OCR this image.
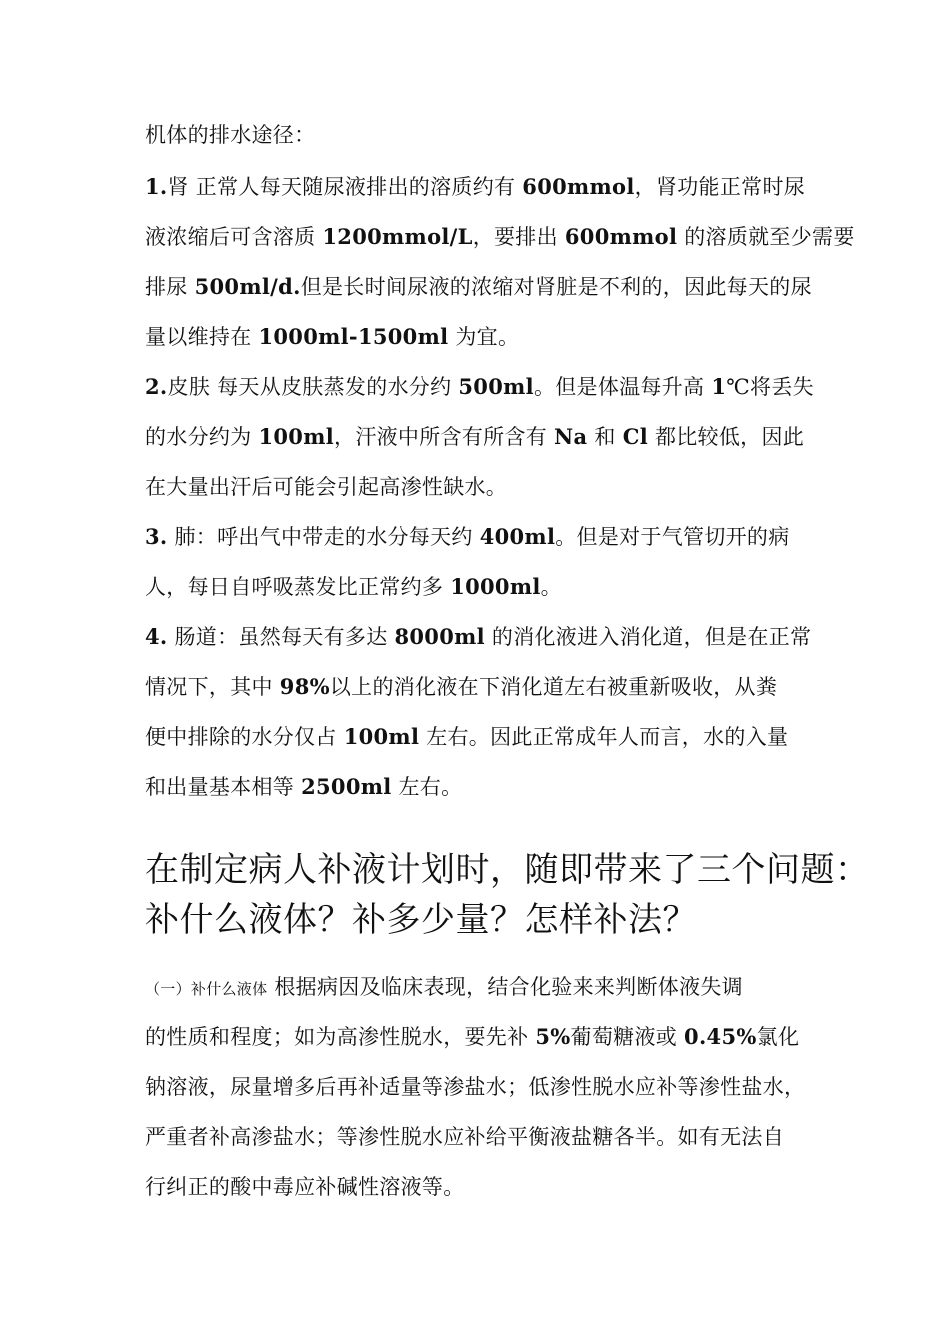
机体的排水途径：
1.肾 正常人每天随尿液排出的溶质约有 600mmol，肾功能正常时尿
液浓缩后可含溶质 1200mmol/L，要排出 600mmol 的溶质就至少需要
排尿 500ml/d.但是长时间尿液的浓缩对肾脏是不利的，因此每天的尿
量以维持在 1000ml-1500ml 为宜。
2.皮肤 每天从皮肤蒸发的水分约 500ml。但是体温每升高 1℃将丢失
的水分约为 100ml，汗液中所含有所含有 Na 和 Cl 都比较低，因此
在大量出汗后可能会引起高渗性缺水。
3. 肺：呼出气中带走的水分每天约 400ml。但是对于气管切开的病
人，每日自呼吸蒸发比正常约多 1000ml。
4. 肠道：虽然每天有多达 8000ml 的消化液进入消化道，但是在正常
情况下，其中 98%以上的消化液在下消化道左右被重新吸收，从粪
便中排除的水分仅占 100ml 左右。因此正常成年人而言，水的入量
和出量基本相等 2500ml 左右。
在制定病人补液计划时，随即带来了三个问题：
补什么液体？补多少量？怎样补法？
（一）补什么液体 根据病因及临床表现，结合化验来来判断体液失调
的性质和程度；如为高渗性脱水，要先补 5%葡萄糖液或 0.45%氯化
钠溶液，尿量增多后再补适量等渗盐水；低渗性脱水应补等渗性盐水，
严重者补高渗盐水；等渗性脱水应补给平衡液盐糖各半。如有无法自
行纠正的酸中毒应补碱性溶液等。
